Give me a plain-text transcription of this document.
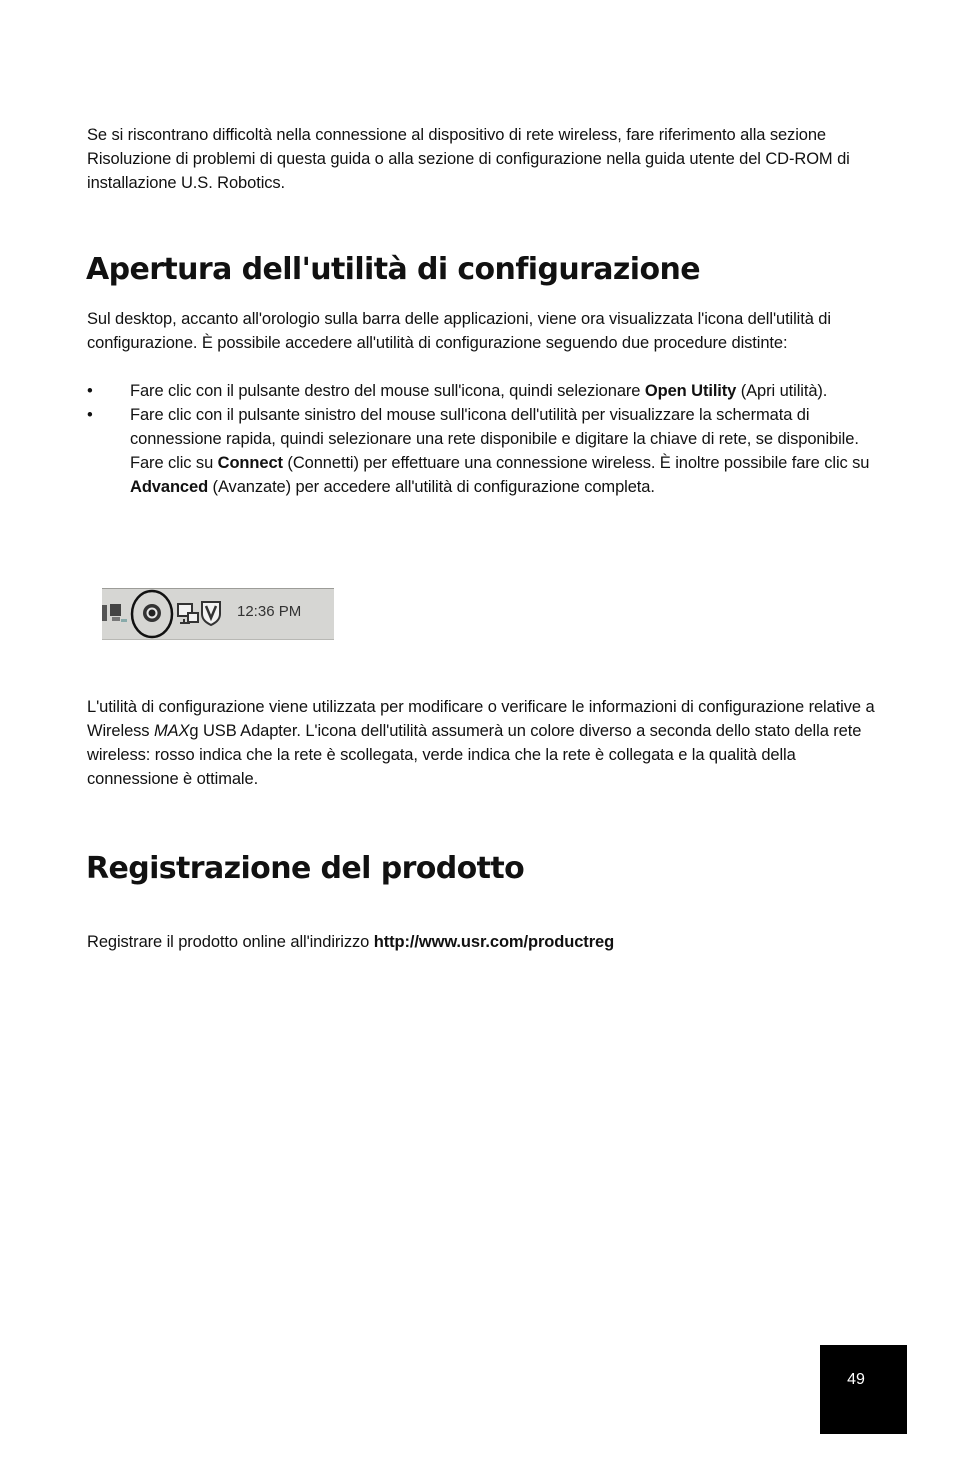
Se si riscontrano difficoltà nella connessione al dispositivo di rete wireless, fare riferimento alla sezione Risoluzione di problemi di questa guida o alla sezione di configurazione nella guida utente del CD-ROM di installazione U.S. Robotics.

Apertura dell'utilità di configurazione

Sul desktop, accanto all'orologio sulla barra delle applicazioni, viene ora visualizzata l'icona dell'utilità di configurazione. È possibile accedere all'utilità di configurazione seguendo due procedure distinte:

• Fare clic con il pulsante destro del mouse sull'icona, quindi selezionare Open Utility (Apri utilità).
• Fare clic con il pulsante sinistro del mouse sull'icona dell'utilità per visualizzare la schermata di connessione rapida, quindi selezionare una rete disponibile e digitare la chiave di rete, se disponibile. Fare clic su Connect (Connetti) per effettuare una connessione wireless. È inoltre possibile fare clic su Advanced (Avanzate) per accedere all'utilità di configurazione completa.
12:36 PM

L'utilità di configurazione viene utilizzata per modificare o verificare le informazioni di configurazione relative a Wireless MAXg USB Adapter. L'icona dell'utilità assumerà un colore diverso a seconda dello stato della rete wireless: rosso indica che la rete è scollegata, verde indica che la rete è collegata e la qualità della connessione è ottimale.

Registrazione del prodotto

Registrare il prodotto online all'indirizzo http://www.usr.com/productreg

49
